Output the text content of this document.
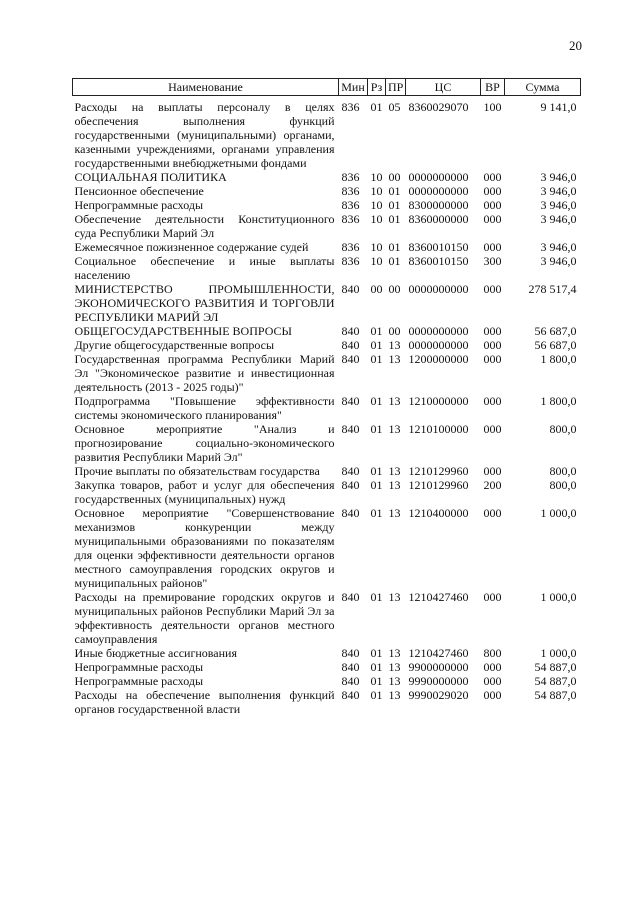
20
Наименование	Мин	Рз	ПР	ЦС	ВР	Сумма
Расходы на выплаты персоналу в целях обеспечения выполнения функций государственными (муниципальными) органами, казенными учреждениями, органами управления государственными внебюджетными фондами	836	01	05	8360029070	100	9 141,0
СОЦИАЛЬНАЯ ПОЛИТИКА	836	10	00	0000000000	000	3 946,0
Пенсионное обеспечение	836	10	01	0000000000	000	3 946,0
Непрограммные расходы	836	10	01	8300000000	000	3 946,0
Обеспечение деятельности Конституционного суда Республики Марий Эл	836	10	01	8360000000	000	3 946,0
Ежемесячное пожизненное содержание судей	836	10	01	8360010150	000	3 946,0
Социальное обеспечение и иные выплаты населению	836	10	01	8360010150	300	3 946,0
МИНИСТЕРСТВО ПРОМЫШЛЕННОСТИ, ЭКОНОМИЧЕСКОГО РАЗВИТИЯ И ТОРГОВЛИ РЕСПУБЛИКИ МАРИЙ ЭЛ	840	00	00	0000000000	000	278 517,4
ОБЩЕГОСУДАРСТВЕННЫЕ ВОПРОСЫ	840	01	00	0000000000	000	56 687,0
Другие общегосударственные вопросы	840	01	13	0000000000	000	56 687,0
Государственная программа Республики Марий Эл "Экономическое развитие и инвестиционная деятельность (2013 - 2025 годы)"	840	01	13	1200000000	000	1 800,0
Подпрограмма "Повышение эффективности системы экономического планирования"	840	01	13	1210000000	000	1 800,0
Основное мероприятие "Анализ и прогнозирование социально-экономического развития Республики Марий Эл"	840	01	13	1210100000	000	800,0
Прочие выплаты по обязательствам государства	840	01	13	1210129960	000	800,0
Закупка товаров, работ и услуг для обеспечения государственных (муниципальных) нужд	840	01	13	1210129960	200	800,0
Основное мероприятие "Совершенствование механизмов конкуренции между муниципальными образованиями по показателям для оценки эффективности деятельности органов местного самоуправления городских округов и муниципальных районов"	840	01	13	1210400000	000	1 000,0
Расходы на премирование городских округов и муниципальных районов Республики Марий Эл за эффективность деятельности органов местного самоуправления	840	01	13	1210427460	000	1 000,0
Иные бюджетные ассигнования	840	01	13	1210427460	800	1 000,0
Непрограммные расходы	840	01	13	9900000000	000	54 887,0
Непрограммные расходы	840	01	13	9990000000	000	54 887,0
Расходы на обеспечение выполнения функций органов государственной власти	840	01	13	9990029020	000	54 887,0
